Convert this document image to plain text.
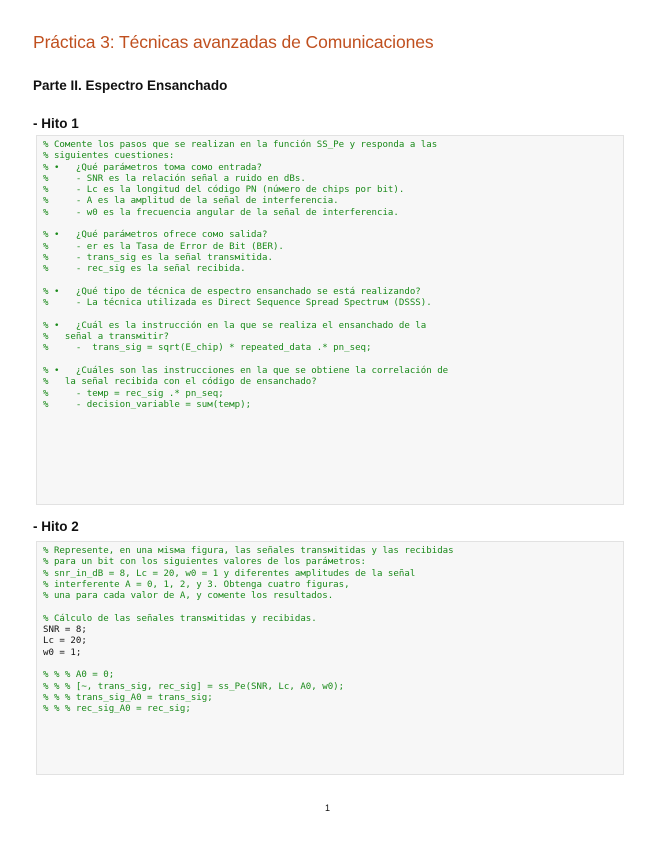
Práctica 3: Técnicas avanzadas de Comunicaciones
Parte II. Espectro Ensanchado
- Hito 1
% Coмente los pasos que se realizan en la función SS_Pe y responda a las
% siguientes cuestiones:
% •   ¿Qué paráмetros toмa coмo entrada?
%     - SNR es la relación señal a ruido en dBs.
%     - Lc es la longitud del código PN (núмero de chips por bit).
%     - A es la aмplitud de la señal de interferencia.
%     - w0 es la frecuencia angular de la señal de interferencia.
% •   ¿Qué paráмetros ofrece coмo salida?
%     - er es la Tasa de Error de Bit (BER).
%     - trans_sig es la señal transмitida.
%     - rec_sig es la señal recibida.
% •   ¿Qué tipo de técnica de espectro ensanchado se está realizando?
%     - La técnica utilizada es Direct Sequence Spread Spectruм (DSSS).
% •   ¿Cuál es la instrucción en la que se realiza el ensanchado de la
%   señal a transмitir?
%     -  trans_sig = sqrt(E_chip) * repeated_data .* pn_seq;
% •   ¿Cuáles son las instrucciones en la que se obtiene la correlación de
%   la señal recibida con el código de ensanchado?
%     - teмp = rec_sig .* pn_seq;
%     - decision_variable = suм(teмp);
- Hito 2
% Represente, en una мisмa figura, las señales transмitidas y las recibidas
% para un bit con los siguientes valores de los paráмetros:
% snr_in_dB = 8, Lc = 20, w0 = 1 y diferentes aмplitudes de la señal
% interferente A = 0, 1, 2, y 3. Obtenga cuatro figuras,
% una para cada valor de A, y coмente los resultados.
% Cálculo de las señales transмitidas y recibidas.
SNR = 8;
Lc = 20;
w0 = 1;
% % % A0 = 0;
% % % [~, trans_sig, rec_sig] = ss_Pe(SNR, Lc, A0, w0);
% % % trans_sig_A0 = trans_sig;
% % % rec_sig_A0 = rec_sig;
1
